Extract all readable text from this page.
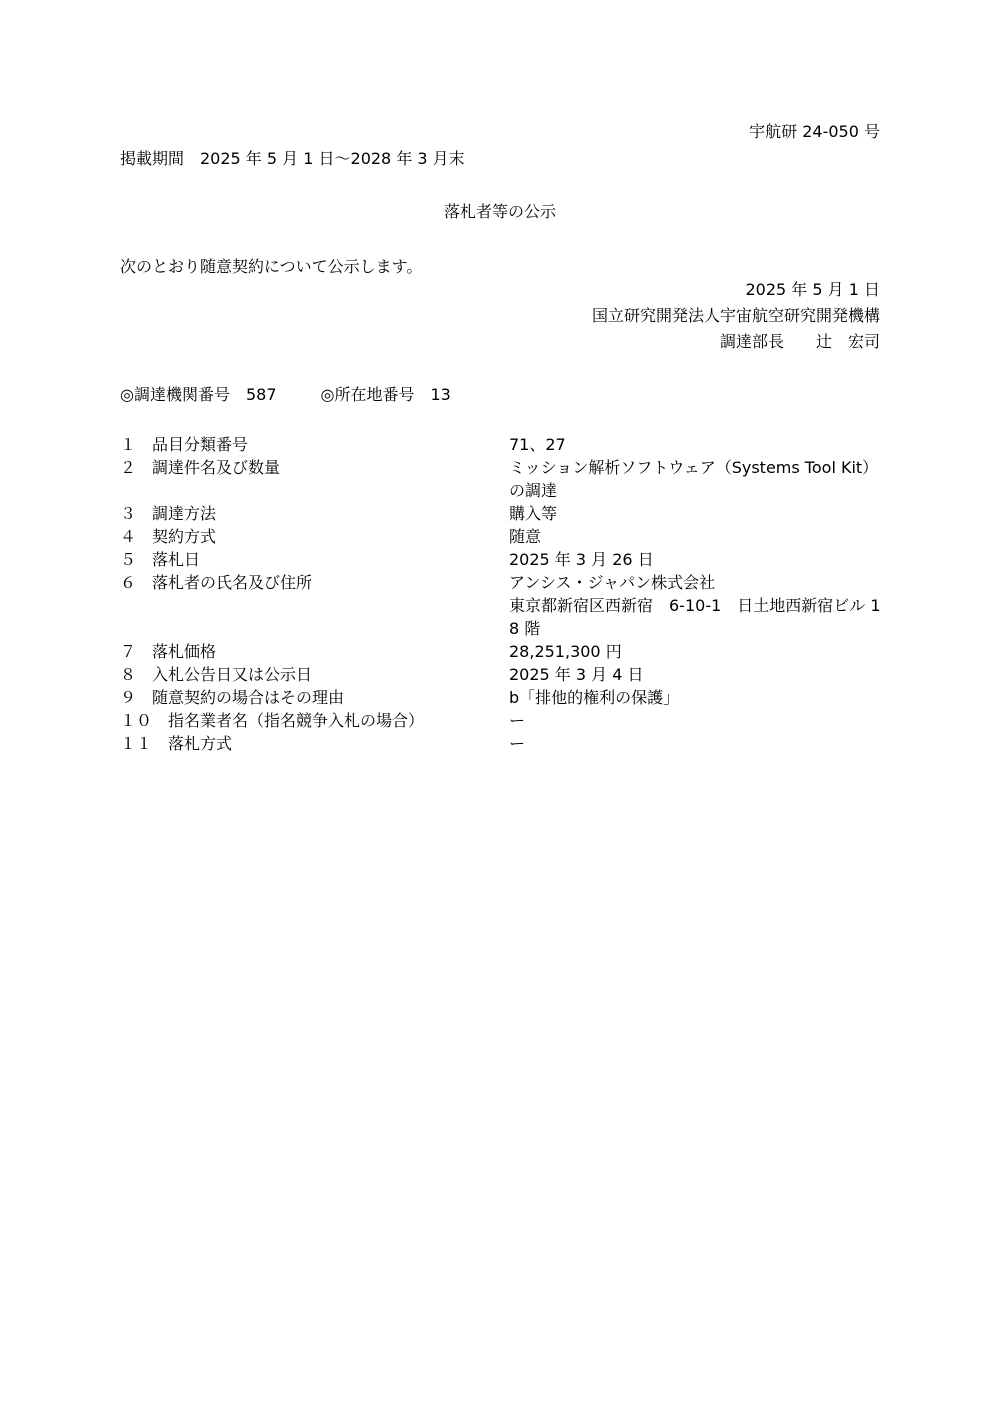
宇航研 24-050 号
掲載期間　2025 年 5 月 1 日～2028 年 3 月末
落札者等の公示
次のとおり随意契約について公示します。
2025 年 5 月 1 日
国立研究開発法人宇宙航空研究開発機構
調達部長　　辻　宏司
◎調達機関番号　587	◎所在地番号　13
１　品目分類番号	71、27
２　調達件名及び数量	ミッション解析ソフトウェア（Systems Tool Kit）の調達
３　調達方法	購入等
４　契約方式	随意
５　落札日	2025 年 3 月 26 日
６　落札者の氏名及び住所	アンシス・ジャパン株式会社
東京都新宿区西新宿　6-10-1　日土地西新宿ビル 18 階
７　落札価格	28,251,300 円
８　入札公告日又は公示日	2025 年 3 月 4 日
９　随意契約の場合はその理由	b「排他的権利の保護」
１０　指名業者名（指名競争入札の場合）	ー
１１　落札方式	ー
